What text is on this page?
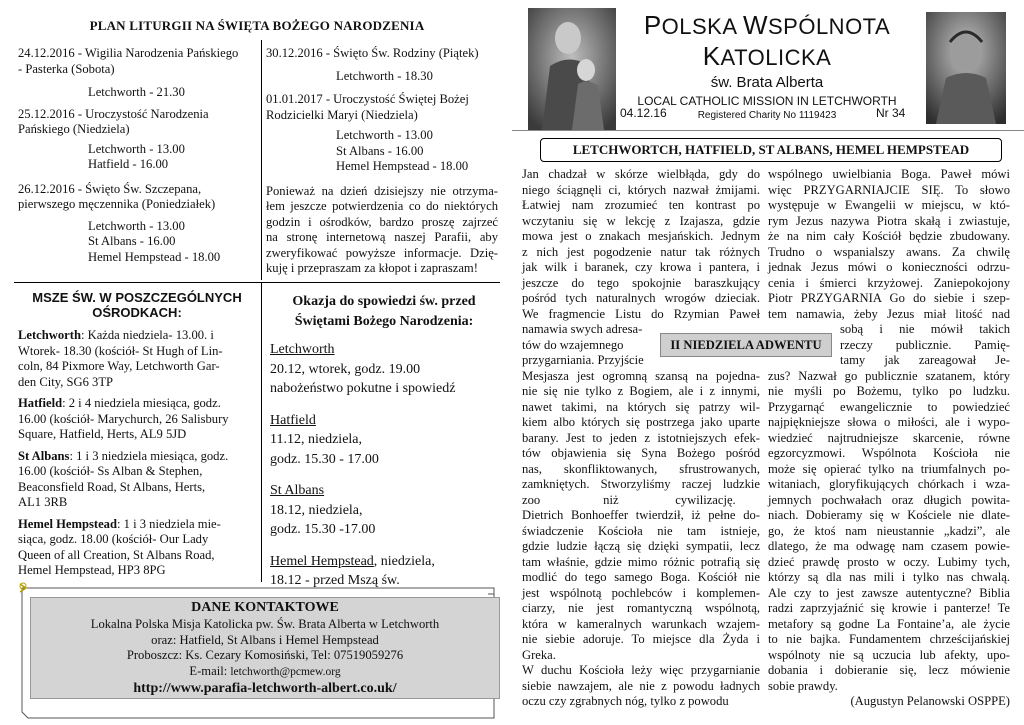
PLAN LITURGII NA ŚWIĘTA BOŻEGO NARODZENIA

24.12.2016 - Wigilia Narodzenia Pańskiego

- Pasterka (Sobota)

Letchworth - 21.30

25.12.2016 - Uroczystość Narodzenia

Pańskiego (Niedziela)

Letchworth - 13.00

Hatfield - 16.00

26.12.2016 - Święto Św. Szczepana,

pierwszego męczennika (Poniedziałek)

Letchworth - 13.00

St Albans - 16.00

Hemel Hempstead - 18.00

30.12.2016 - Święto Św. Rodziny (Piątek)

Letchworth - 18.30

01.01.2017 - Uroczystość Świętej Bożej

Rodzicielki Maryi (Niedziela)

Letchworth - 13.00

St Albans - 16.00

Hemel Hempstead - 18.00

Ponieważ na dzień dzisiejszy nie otrzyma-

łem jeszcze potwierdzenia co do niektórych

godzin i ośrodków, bardzo proszę zajrzeć

na stronę internetową naszej Parafii, aby

zweryfikować powyższe informacje. Dzię-

kuję i przepraszam za kłopot i zapraszam!

MSZE ŚW. W POSZCZEGÓLNYCH
OŚRODKACH:

Letchworth: Każda niedziela- 13.00. i
Wtorek- 18.30 (kościół- St Hugh of Lin-
coln, 84 Pixmore Way, Letchworth Gar-
den City, SG6 3TP

Hatfield: 2 i 4 niedziela miesiąca, godz.
16.00 (kościół- Marychurch, 26 Salisbury
Square, Hatfield, Herts, AL9 5JD

St Albans: 1 i 3 niedziela miesiąca, godz.
16.00 (kościół- Ss Alban & Stephen,
Beaconsfield Road, St Albans, Herts,
AL1 3RB

Hemel Hempstead: 1 i 3 niedziela mie-
siąca, godz. 18.00 (kościół- Our Lady
Queen of all Creation, St Albans Road,
Hemel Hempstead, HP3 8PG

Okazja do spowiedzi św. przed
Świętami Bożego Narodzenia:

Letchworth
20.12, wtorek, godz. 19.00
nabożeństwo pokutne i spowiedź

Hatfield
11.12, niedziela,
godz. 15.30 - 17.00

St Albans
18.12, niedziela,
godz. 15.30 -17.00

Hemel Hempstead, niedziela,
18.12 - przed Mszą św.

DANE KONTAKTOWE

Lokalna Polska Misja Katolicka pw. Św. Brata Alberta w Letchworth

oraz: Hatfield, St Albans i Hemel Hempstead

Proboszcz: Ks. Cezary Komosiński, Tel: 07519059276

E-mail: letchworth@pcmew.org

http://www.parafia-letchworth-albert.co.uk/

POLSKA WSPÓLNOTA KATOLICKA
św. Brata Alberta
LOCAL CATHOLIC MISSION IN LETCHWORTH
Registered Charity No 1119423
04.12.16	Nr 34
LETCHWORTCH, HATFIELD, ST ALBANS, HEMEL HEMPSTEAD

Jan chadzał w skórze wielbłąda, gdy do

niego ściągnęli ci, których nazwał żmijami.

Łatwiej nam zrozumieć ten kontrast po

wczytaniu się w lekcję z Izajasza, gdzie

mowa jest o znakach mesjańskich. Jednym

z nich jest pogodzenie natur tak różnych

jak wilk i baranek, czy krowa i pantera, i

jeszcze do tego spokojnie baraszkujący

pośród tych naturalnych wrogów dzieciak.

We fragmencie Listu do Rzymian Paweł

namawia swych adresa-

tów do wzajemnego

przygarniania. Przyjście

Mesjasza jest ogromną szansą na pojedna-

nie się nie tylko z Bogiem, ale i z innymi,

nawet takimi, na których się patrzy wil-

kiem albo których się postrzega jako uparte

barany. Jest to jeden z istotniejszych efek-

tów objawienia się Syna Bożego pośród

nas, skonfliktowanych, sfrustrowanych,

zamkniętych. Stworzyliśmy raczej ludzkie

zoo                    niż                  cywilizację.

Dietrich Bonhoeffer twierdził, iż pełne do-

świadczenie Kościoła nie tam istnieje,

gdzie ludzie łączą się dzięki sympatii, lecz

tam właśnie, gdzie mimo różnic potrafią się

modlić do tego samego Boga. Kościół nie

jest wspólnotą pochlebców i komplemen-

ciarzy, nie jest romantyczną wspólnotą,

która w kameralnych warunkach wzajem-

nie siebie adoruje. To miejsce dla Żyda i

Greka.

W duchu Kościoła leży więc przygarnianie

siebie nawzajem, ale nie z powodu ładnych

oczu czy zgrabnych nóg, tylko z powodu

II NIEDZIELA ADWENTU

wspólnego uwielbiania Boga. Paweł mówi

więc PRZYGARNIAJCIE SIĘ. To słowo

występuje w Ewangelii w miejscu, w któ-

rym Jezus nazywa Piotra skałą i zwiastuje,

że na nim cały Kościół będzie zbudowany.

Trudno o wspanialszy awans. Za chwilę

jednak Jezus mówi o konieczności odrzu-

cenia i śmierci krzyżowej. Zaniepokojony

Piotr PRZYGARNIA Go do siebie i szep-

tem namawia, żeby Jezus miał litość nad

sobą i nie mówił takich

rzeczy publicznie. Pamię-

tamy jak zareagował Je-

zus? Nazwał go publicznie szatanem, który

nie myśli po Bożemu, tylko po ludzku.

Przygarnąć ewangelicznie to powiedzieć

najpiękniejsze słowa o miłości, ale i wypo-

wiedzieć najtrudniejsze skarcenie, równe

egzorcyzmowi. Wspólnota Kościoła nie

może się opierać tylko na triumfalnych po-

witaniach, gloryfikujących chórkach i wza-

jemnych pochwałach oraz długich powita-

niach. Dobieramy się w Kościele nie dlate-

go, że ktoś nam nieustannie „kadzi”, ale

dlatego, że ma odwagę nam czasem powie-

dzieć prawdę prosto w oczy. Lubimy tych,

którzy są dla nas mili i tylko nas chwalą.

Ale czy to jest zawsze autentyczne? Biblia

radzi zaprzyjaźnić się krowie i panterze! Te

metafory są godne La Fontaine’a, ale życie

to nie bajka. Fundamentem chrześcijańskiej

wspólnoty nie są uczucia lub afekty, upo-

dobania i dobieranie się, lecz mówienie

sobie prawdy.

(Augustyn Pelanowski OSPPE)
